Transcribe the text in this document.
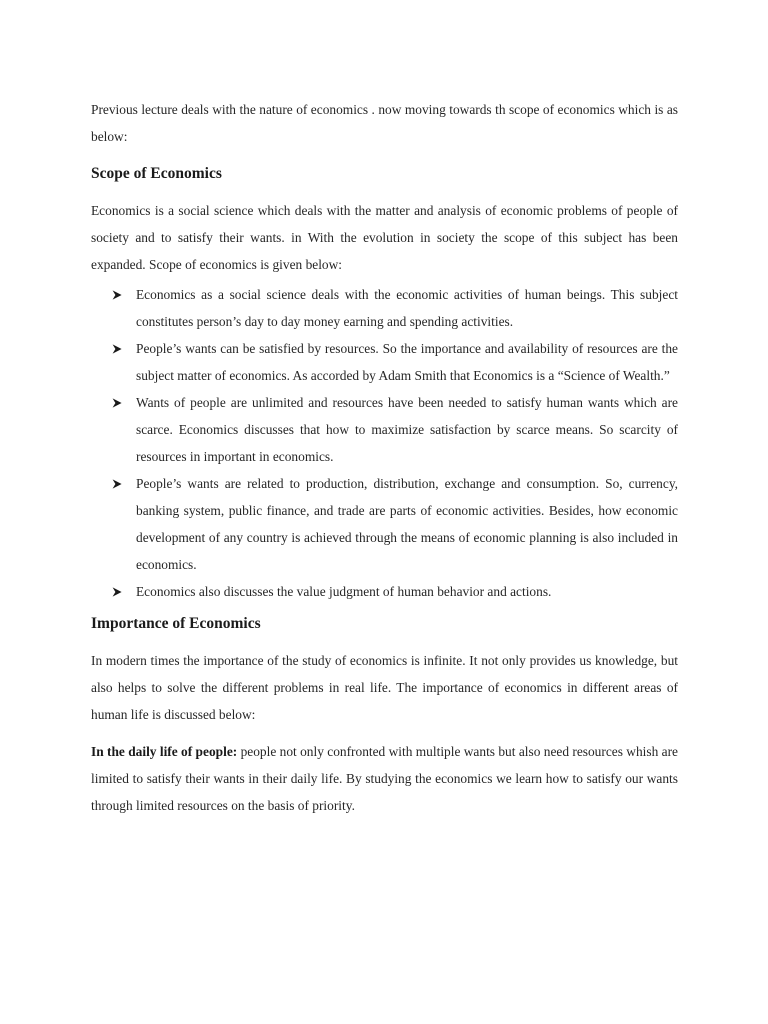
Previous lecture deals with the nature of economics . now moving towards th scope of economics which is as below:

Scope of Economics

Economics is a social science which deals with the matter and analysis of economic problems of people of society and to satisfy their wants. in With the evolution in society the scope of this subject has been expanded. Scope of economics is given below:

Economics as a social science deals with the economic activities of human beings. This subject constitutes person’s day to day money earning and spending activities.
People’s wants can be satisfied by resources. So the importance and availability of resources are the subject matter of economics. As accorded by Adam Smith that Economics is a “Science of Wealth.”
Wants of people are unlimited and resources have been needed to satisfy human wants which are scarce. Economics discusses that how to maximize satisfaction by scarce means. So scarcity of resources in important in economics.
People’s wants are related to production, distribution, exchange and consumption. So, currency, banking system, public finance, and trade are parts of economic activities. Besides, how economic development of any country is achieved through the means of economic planning is also included in economics.
Economics also discusses the value judgment of human behavior and actions.
Importance of Economics

In modern times the importance of the study of economics is infinite. It not only provides us knowledge, but also helps to solve the different problems in real life. The importance of economics in different areas of human life is discussed below:

In the daily life of people: people not only confronted with multiple wants but also need resources whish are limited to satisfy their wants in their daily life. By studying the economics we learn how to satisfy our wants through limited resources on the basis of priority.
